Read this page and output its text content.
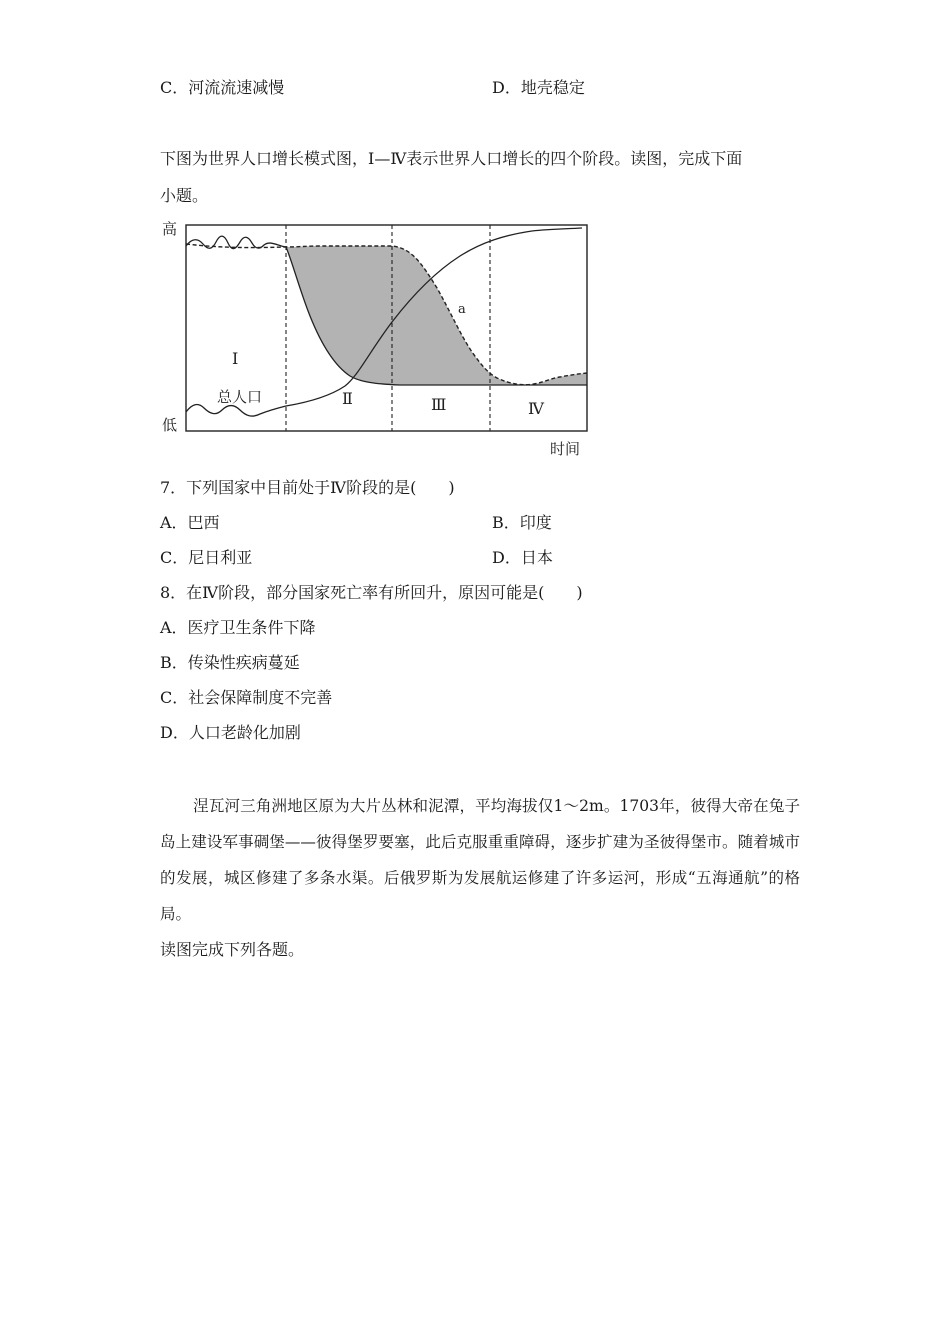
C．河流流速减慢	D．地壳稳定
下图为世界人口增长模式图，Ⅰ—Ⅳ表示世界人口增长的四个阶段。读图，完成下面
小题。
高
低
时间
a
总人口
Ⅰ
Ⅱ	Ⅲ	Ⅳ
7．下列国家中目前处于Ⅳ阶段的是(　　)
A．巴西	B．印度
C．尼日利亚	D．日本
8．在Ⅳ阶段，部分国家死亡率有所回升，原因可能是(　　)
A．医疗卫生条件下降
B．传染性疾病蔓延
C．社会保障制度不完善
D．人口老龄化加剧
涅瓦河三角洲地区原为大片丛林和泥潭，平均海拔仅1～2m。1703年，彼得大帝在兔子岛上建设军事碉堡——彼得堡罗要塞，此后克服重重障碍，逐步扩建为圣彼得堡市。随着城市的发展，城区修建了多条水渠。后俄罗斯为发展航运修建了许多运河，形成“五海通航”的格局。
读图完成下列各题。
